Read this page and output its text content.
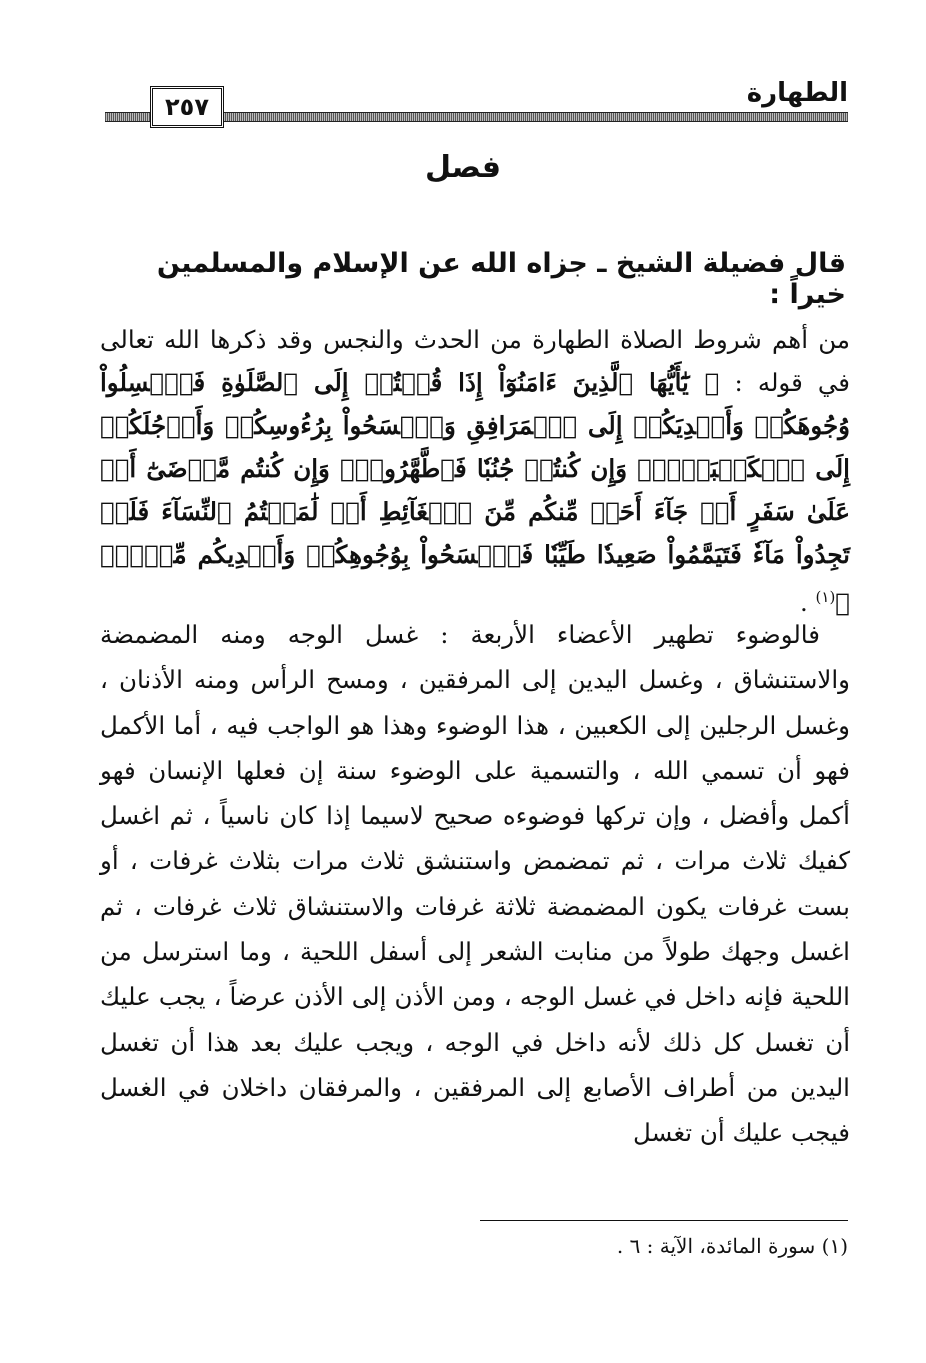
الطهارة
٢٥٧
فصل
قال فضيلة الشيخ ـ جزاه الله عن الإسلام والمسلمين خيراً :
من أهم شروط الصلاة الطهارة من الحدث والنجس وقد ذكرها الله تعالى في قوله : ﴿ يَٰٓأَيُّهَا ٱلَّذِينَ ءَامَنُوٓاْ إِذَا قُمۡتُمۡ إِلَى ٱلصَّلَوٰةِ فَٱغۡسِلُواْ وُجُوهَكُمۡ وَأَيۡدِيَكُمۡ إِلَى ٱلۡمَرَافِقِ وَٱمۡسَحُواْ بِرُءُوسِكُمۡ وَأَرۡجُلَكُمۡ إِلَى ٱلۡكَعۡبَيۡنِۚ وَإِن كُنتُمۡ جُنُبٗا فَٱطَّهَّرُواْۚ وَإِن كُنتُم مَّرۡضَىٰٓ أَوۡ عَلَىٰ سَفَرٍ أَوۡ جَآءَ أَحَدٞ مِّنكُم مِّنَ ٱلۡغَآئِطِ أَوۡ لَٰمَسۡتُمُ ٱلنِّسَآءَ فَلَمۡ تَجِدُواْ مَآءٗ فَتَيَمَّمُواْ صَعِيدٗا طَيِّبٗا فَٱمۡسَحُواْ بِوُجُوهِكُمۡ وَأَيۡدِيكُم مِّنۡهُۚ ﴾$^{(١)}$ .
فالوضوء تطهير الأعضاء الأربعة : غسل الوجه ومنه المضمضة والاستنشاق ، وغسل اليدين إلى المرفقين ، ومسح الرأس ومنه الأذنان ، وغسل الرجلين إلى الكعبين ، هذا الوضوء وهذا هو الواجب فيه ، أما الأكمل فهو أن تسمي الله ، والتسمية على الوضوء سنة إن فعلها الإنسان فهو أكمل وأفضل ، وإن تركها فوضوءه صحيح لاسيما إذا كان ناسياً ، ثم اغسل كفيك ثلاث مرات ، ثم تمضمض واستنشق ثلاث مرات بثلاث غرفات ، أو بست غرفات يكون المضمضة ثلاثة غرفات والاستنشاق ثلاث غرفات ، ثم اغسل وجهك طولاً من منابت الشعر إلى أسفل اللحية ، وما استرسل من اللحية فإنه داخل في غسل الوجه ، ومن الأذن إلى الأذن عرضاً ، يجب عليك أن تغسل كل ذلك لأنه داخل في الوجه ، ويجب عليك بعد هذا أن تغسل اليدين من أطراف الأصابع إلى المرفقين ، والمرفقان داخلان في الغسل فيجب عليك أن تغسل
(١) سورة المائدة، الآية : ٦ .
